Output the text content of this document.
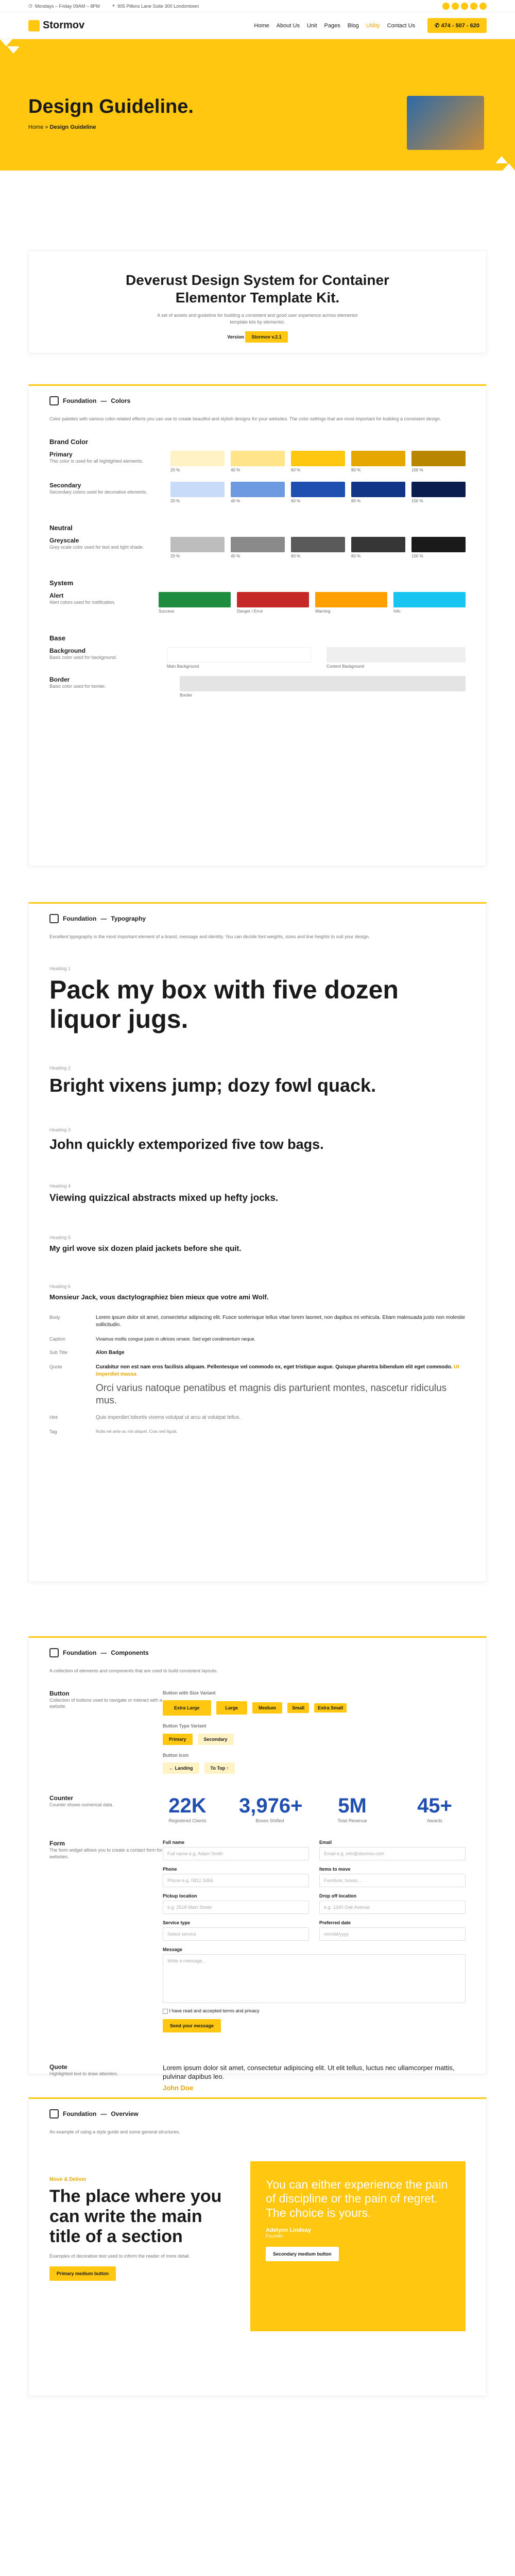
◷ Mondays – Friday 09AM – 8PM	⌖ 905 Pilkins Lane Suite 300 Londontown
Stormov	Home About Us Unit Pages Blog Utility Contact Us	✆ 474 - 507 - 620
Design Guideline.
Home » Design Guideline
Deverust Design System for Container Elementor Template Kit.
A set of assets and guideline for building a consistent and good user experience across elementor template kits by elementor.
Version Stormov v.2.1
Foundation — Colors
Color palettes with various color-related effects you can use to create beautiful and stylish designs for your websites. The color settings that are most important for building a consistent design.
Brand Color
Primary
This color is used for all highlighted elements.
20 %	40 %	60 %	80 %	100 %
Secondary
Secondary colors used for decorative elements.
20 %	40 %	60 %	80 %	100 %
Neutral
Greyscale
Grey scale color used for text and light shade.
20 %	40 %	60 %	80 %	100 %
System
Alert
Alert colors used for notification.
Success	Danger / Error	Warning	Info
Base
Background
Basic color used for background.
Main Background	Content Background
Border
Basic color used for border.
Border
Foundation — Typography
Excellent typography is the most important element of a brand, message and identity. You can decide font weights, sizes and line heights to suit your design.
Heading 1
Pack my box with five dozen liquor jugs.
Heading 2
Bright vixens jump; dozy fowl quack.
Heading 3
John quickly extemporized five tow bags.
Heading 4
Viewing quizzical abstracts mixed up hefty jocks.
Heading 5
My girl wove six dozen plaid jackets before she quit.
Heading 6
Monsieur Jack, vous dactylographiez bien mieux que votre ami Wolf.
Body	Lorem ipsum dolor sit amet, consectetur adipiscing elit. Fusce scelerisque tellus vitae lorem laoreet, non dapibus mi vehicula. Etiam malesuada justo non molestie sollicitudin.
Caption	Vivamus mollis congue justo in ultrices ornare. Sed eget condimentum neque.
Sub Title	Alon Badge
Quote	Curabitur non est nam eros facilisis aliquam. Pellentesque vel commodo ex, eget tristique augue. Quisque pharetra bibendum elit eget commodo. Ut imperdiet massa
Orci varius natoque penatibus et magnis dis parturient montes, nascetur ridiculus mus.
Hint	Quis imperdiet lobortis viverra volutpat ut arcu at volutpat tellus.
Tag	Nulla vel ante ac nisi aliquet. Cras sed ligula.
Foundation — Components
A collection of elements and components that are used to build consistent layouts.
Button
Collection of buttons used to navigate or interact with a website.
Button with Size Variant
Extra Large	Large	Medium	Small	Extra Small
Button Type Variant
Primary	Secondary
Button Icon
← Landing	To Top ↑
Counter
Counter shows numerical data.	22K
Registered Clients
3,976+
Boxes Shifted
5M
Total Revenue
45+
Awards
Form
The form widget allows you to create a contact form for websites.
Full name
Full name e.g. Adam Smith
Email
Email e.g. info@stormov.com
Phone
Phone e.g. 0812 3456
Items to move
Furniture, boxes...
Pickup location
e.g. 2518 Main Street
Drop off location
e.g. 1340 Oak Avenue
Service type
Select service
Preferred date
mm/dd/yyyy
Message
Write a message...
I have read and accepted terms and privacy
Send your message
Quote
Highlighted text to draw attention.
Lorem ipsum dolor sit amet, consectetur adipiscing elit. Ut elit tellus, luctus nec ullamcorper mattis, pulvinar dapibus leo.
John Doe
Foundation — Overview
An example of using a style guide and some general structures.
Move & Deliver
The place where you can write the main title of a section
Examples of decorative text used to inform the reader of more detail.
Primary medium button
You can either experience the pain of discipline or the pain of regret. The choice is yours.
Adelynn Lindsay
Founder
Secondary medium button
